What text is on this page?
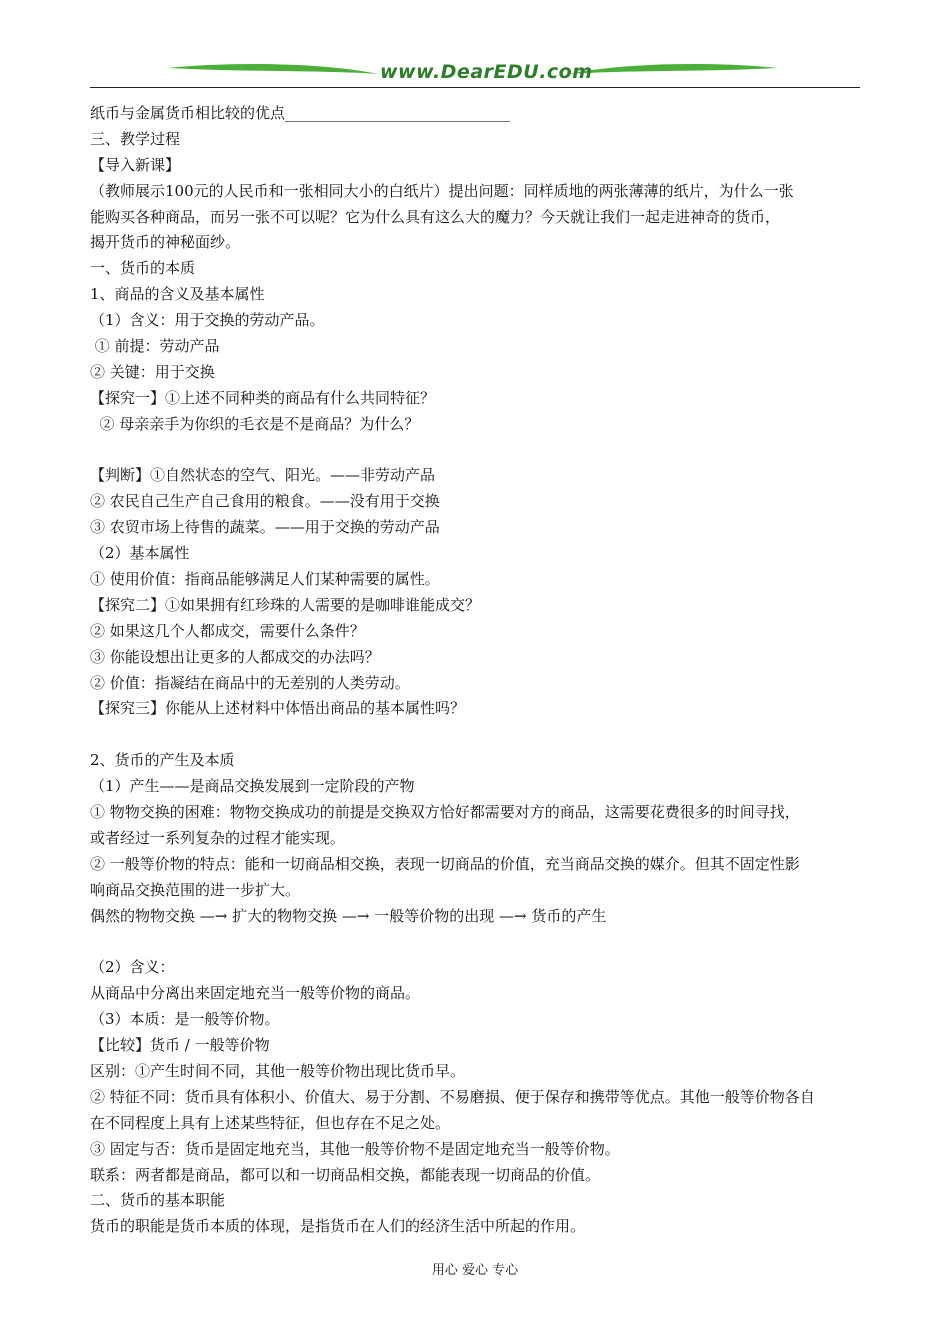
www.DearEDU.com
纸币与金属货币相比较的优点______________________________
三、教学过程
【导入新课】
（教师展示100元的人民币和一张相同大小的白纸片）提出问题：同样质地的两张薄薄的纸片，为什么一张
能购买各种商品，而另一张不可以呢？它为什么具有这么大的魔力？今天就让我们一起走进神奇的货币，
揭开货币的神秘面纱。
一、货币的本质
1、商品的含义及基本属性
（1）含义：用于交换的劳动产品。
① 前提：劳动产品
② 关键：用于交换
【探究一】①上述不同种类的商品有什么共同特征？
② 母亲亲手为你织的毛衣是不是商品？为什么？
【判断】①自然状态的空气、阳光。——非劳动产品
② 农民自己生产自己食用的粮食。——没有用于交换
③ 农贸市场上待售的蔬菜。——用于交换的劳动产品
（2）基本属性
① 使用价值：指商品能够满足人们某种需要的属性。
【探究二】①如果拥有红珍珠的人需要的是咖啡谁能成交？
② 如果这几个人都成交，需要什么条件？
③ 你能设想出让更多的人都成交的办法吗？
② 价值：指凝结在商品中的无差别的人类劳动。
【探究三】你能从上述材料中体悟出商品的基本属性吗？
2、货币的产生及本质
（1）产生——是商品交换发展到一定阶段的产物
① 物物交换的困难：物物交换成功的前提是交换双方恰好都需要对方的商品，这需要花费很多的时间寻找，
或者经过一系列复杂的过程才能实现。
② 一般等价物的特点：能和一切商品相交换，表现一切商品的价值，充当商品交换的媒介。但其不固定性影
响商品交换范围的进一步扩大。
偶然的物物交换 —→ 扩大的物物交换 —→ 一般等价物的出现 —→ 货币的产生
（2）含义：
从商品中分离出来固定地充当一般等价物的商品。
（3）本质：是一般等价物。
【比较】货币 / 一般等价物
区别：①产生时间不同，其他一般等价物出现比货币早。
② 特征不同：货币具有体积小、价值大、易于分割、不易磨损、便于保存和携带等优点。其他一般等价物各自
在不同程度上具有上述某些特征，但也存在不足之处。
③ 固定与否：货币是固定地充当，其他一般等价物不是固定地充当一般等价物。
联系：两者都是商品，都可以和一切商品相交换，都能表现一切商品的价值。
二、货币的基本职能
货币的职能是货币本质的体现，是指货币在人们的经济生活中所起的作用。
用心 爱心 专心
